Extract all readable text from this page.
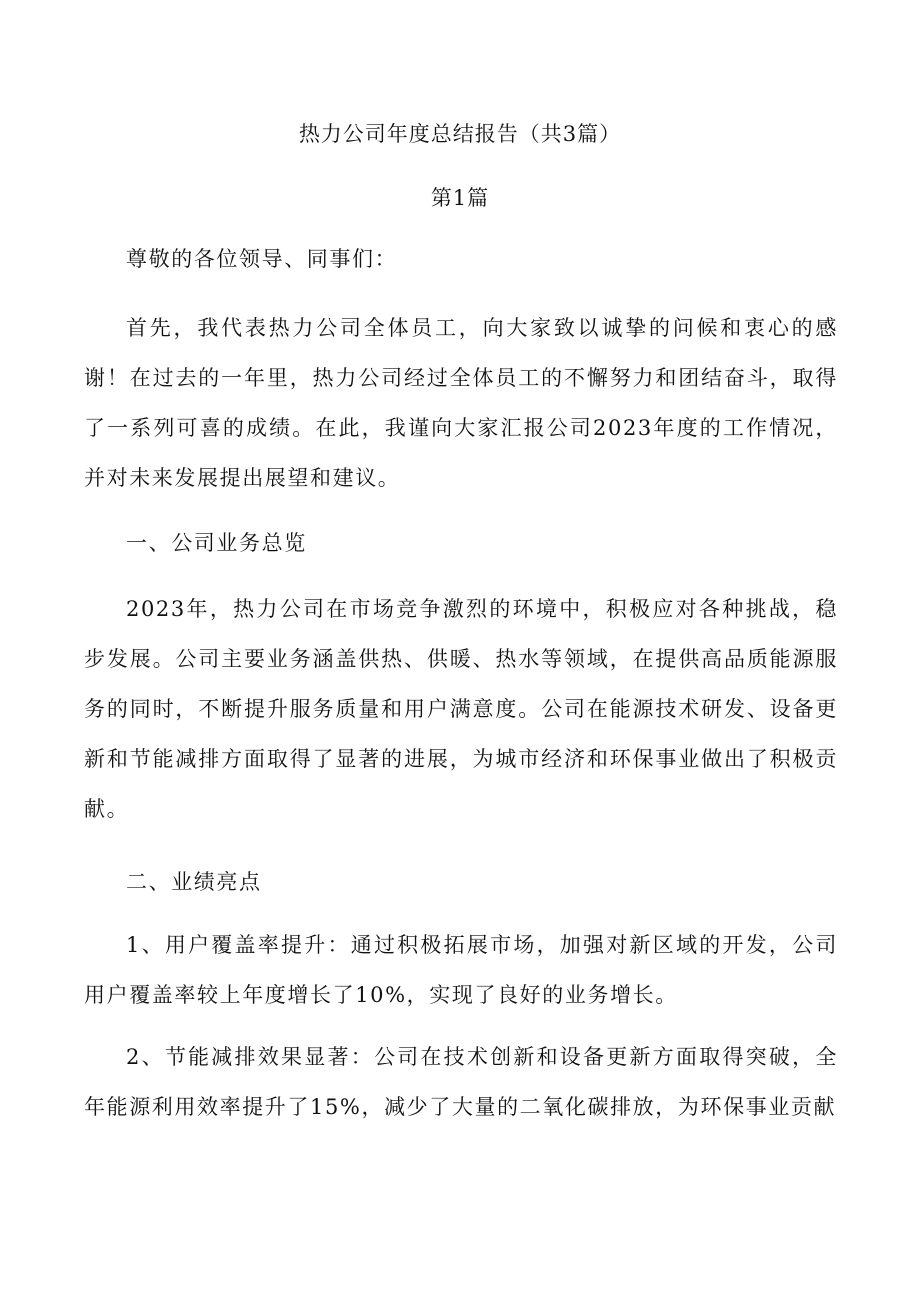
热力公司年度总结报告（共3篇）
第1篇

尊敬的各位领导、同事们：

首先，我代表热力公司全体员工，向大家致以诚挚的问候和衷心的感谢！在过去的一年里，热力公司经过全体员工的不懈努力和团结奋斗，取得了一系列可喜的成绩。在此，我谨向大家汇报公司2023年度的工作情况，并对未来发展提出展望和建议。

一、公司业务总览

2023年，热力公司在市场竞争激烈的环境中，积极应对各种挑战，稳步发展。公司主要业务涵盖供热、供暖、热水等领域，在提供高品质能源服务的同时，不断提升服务质量和用户满意度。公司在能源技术研发、设备更新和节能减排方面取得了显著的进展，为城市经济和环保事业做出了积极贡献。

二、业绩亮点

1、用户覆盖率提升：通过积极拓展市场，加强对新区域的开发，公司用户覆盖率较上年度增长了10%，实现了良好的业务增长。

2、节能减排效果显著：公司在技术创新和设备更新方面取得突破，全年能源利用效率提升了15%，减少了大量的二氧化碳排放，为环保事业贡献
